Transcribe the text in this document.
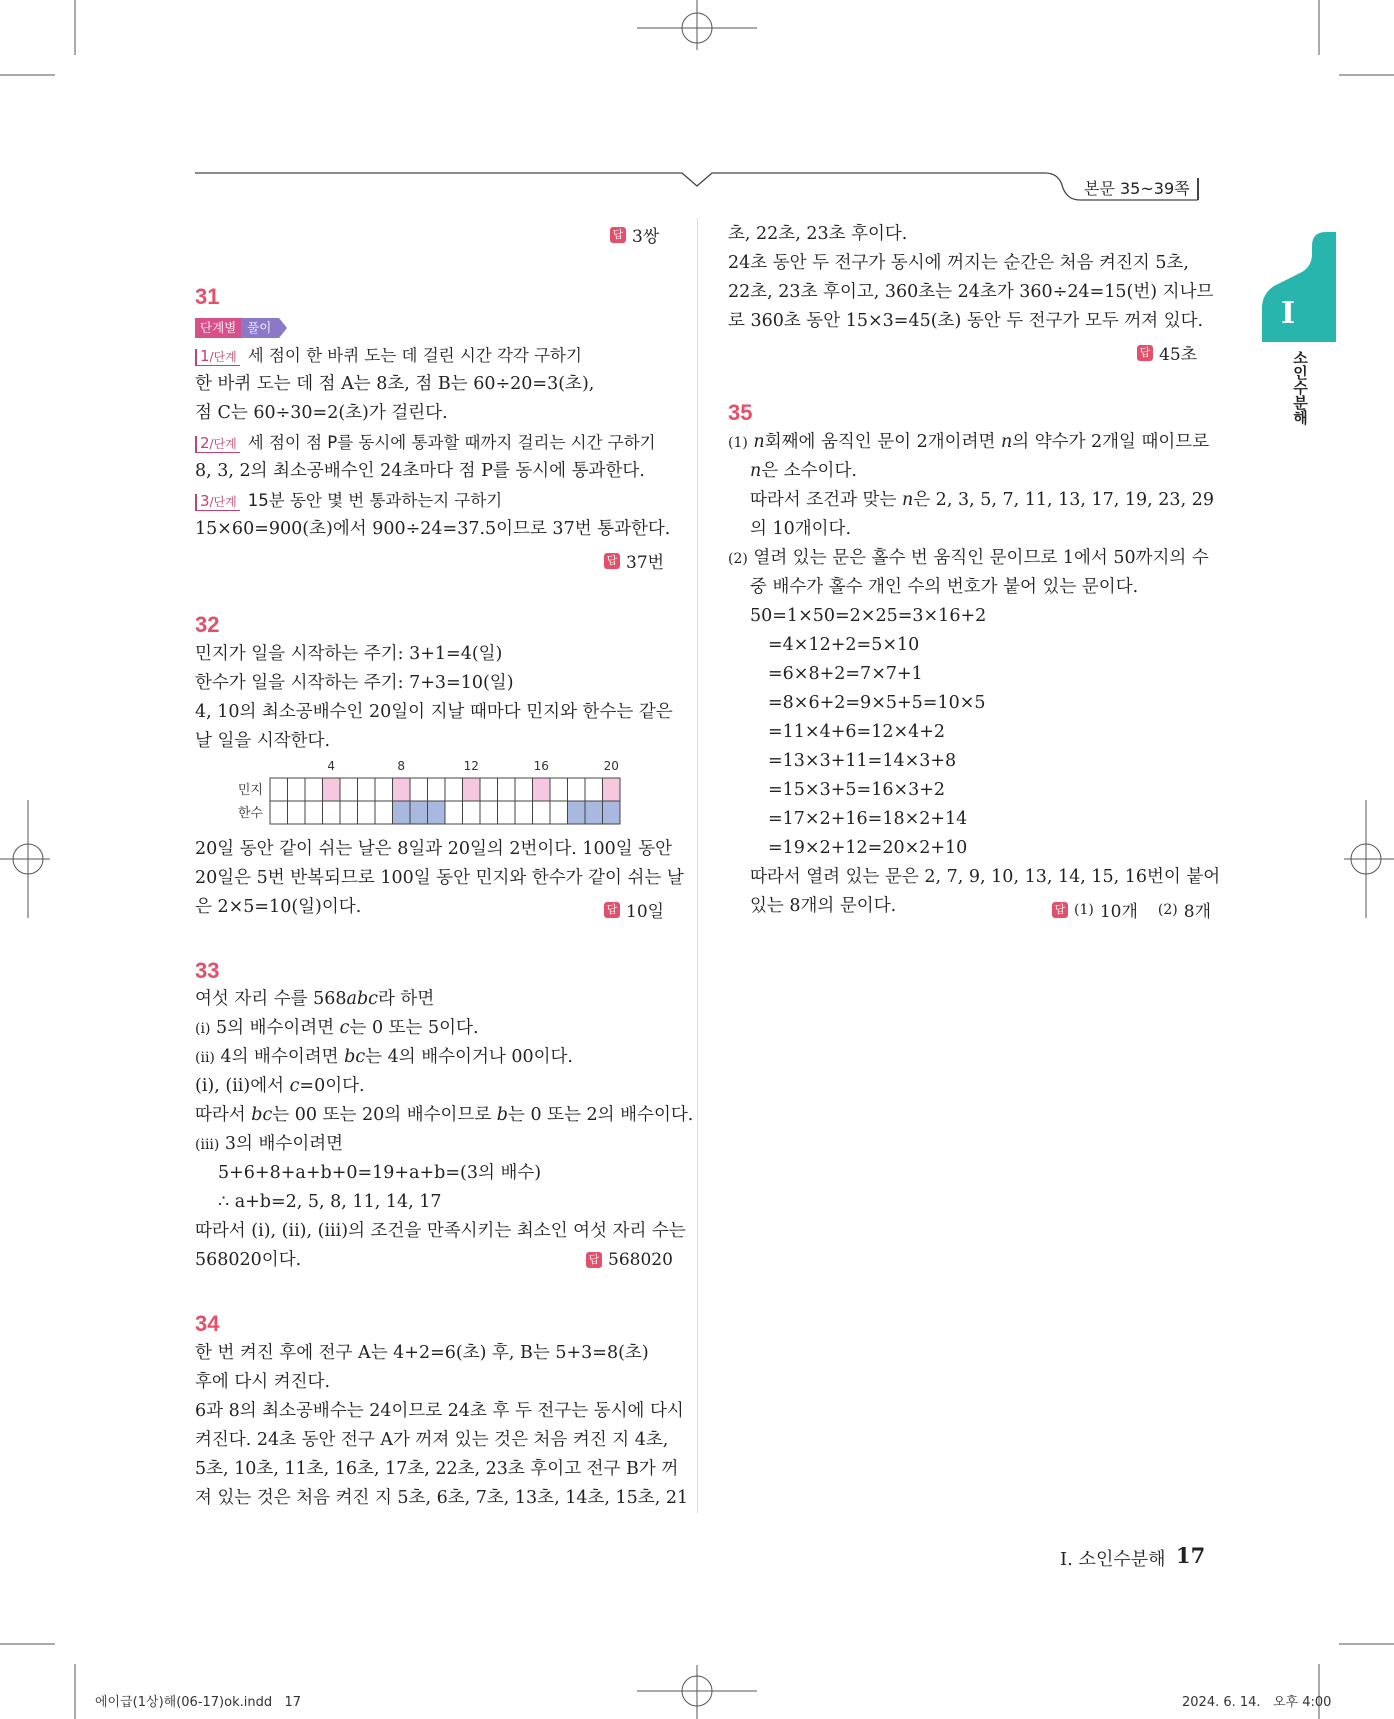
본문 35~39쪽
I
소인수분해
답 3쌍
31
단계별 풀이
1/단계 세 점이 한 바퀴 도는 데 걸린 시간 각각 구하기
한 바퀴 도는 데 점 A는 8초, 점 B는 60÷20=3(초),
점 C는 60÷30=2(초)가 걸린다.
2/단계 세 점이 점 P를 동시에 통과할 때까지 걸리는 시간 구하기
8, 3, 2의 최소공배수인 24초마다 점 P를 동시에 통과한다.
3/단계 15분 동안 몇 번 통과하는지 구하기
15×60=900(초)에서 900÷24=37.5이므로 37번 통과한다.
답 37번
32
민지가 일을 시작하는 주기: 3+1=4(일)
한수가 일을 시작하는 주기: 7+3=10(일)
4, 10의 최소공배수인 20일이 지날 때마다 민지와 한수는 같은
날 일을 시작한다.
민지
한수
4	8	12	16	20
20일 동안 같이 쉬는 날은 8일과 20일의 2번이다. 100일 동안
20일은 5번 반복되므로 100일 동안 민지와 한수가 같이 쉬는 날
은 2×5=10(일)이다.	답 10일
33
여섯 자리 수를 568abc라 하면
(i) 5의 배수이려면 c는 0 또는 5이다.
(ii) 4의 배수이려면 bc는 4의 배수이거나 00이다.
(i), (ii)에서 c=0이다.
따라서 bc는 00 또는 20의 배수이므로 b는 0 또는 2의 배수이다.
(iii) 3의 배수이려면
5+6+8+a+b+0=19+a+b=(3의 배수)
∴ a+b=2, 5, 8, 11, 14, 17
따라서 (i), (ii), (iii)의 조건을 만족시키는 최소인 여섯 자리 수는
568020이다.	답 568020
34
한 번 켜진 후에 전구 A는 4+2=6(초) 후, B는 5+3=8(초)
후에 다시 켜진다.
6과 8의 최소공배수는 24이므로 24초 후 두 전구는 동시에 다시
켜진다. 24초 동안 전구 A가 꺼져 있는 것은 처음 켜진 지 4초,
5초, 10초, 11초, 16초, 17초, 22초, 23초 후이고 전구 B가 꺼
져 있는 것은 처음 켜진 지 5초, 6초, 7초, 13초, 14초, 15초, 21
초, 22초, 23초 후이다.
24초 동안 두 전구가 동시에 꺼지는 순간은 처음 켜진지 5초,
22초, 23초 후이고, 360초는 24초가 360÷24=15(번) 지나므
로 360초 동안 15×3=45(초) 동안 두 전구가 모두 꺼져 있다.
답 45초
35
(1) n회째에 움직인 문이 2개이려면 n의 약수가 2개일 때이므로
n은 소수이다.
따라서 조건과 맞는 n은 2, 3, 5, 7, 11, 13, 17, 19, 23, 29
의 10개이다.
(2) 열려 있는 문은 홀수 번 움직인 문이므로 1에서 50까지의 수
중 배수가 홀수 개인 수의 번호가 붙어 있는 문이다.
50=1×50=2×25=3×16+2
=4×12+2=5×10
=6×8+2=7×7+1
=8×6+2=9×5+5=10×5
=11×4+6=12×4+2
=13×3+11=14×3+8
=15×3+5=16×3+2
=17×2+16=18×2+14
=19×2+12=20×2+10
따라서 열려 있는 문은 2, 7, 9, 10, 13, 14, 15, 16번이 붙어
있는 8개의 문이다.	답 (1) 10개 (2) 8개
I. 소인수분해 17
에이급(1상)해(06-17)ok.indd   17	2024. 6. 14.   오후 4:00
